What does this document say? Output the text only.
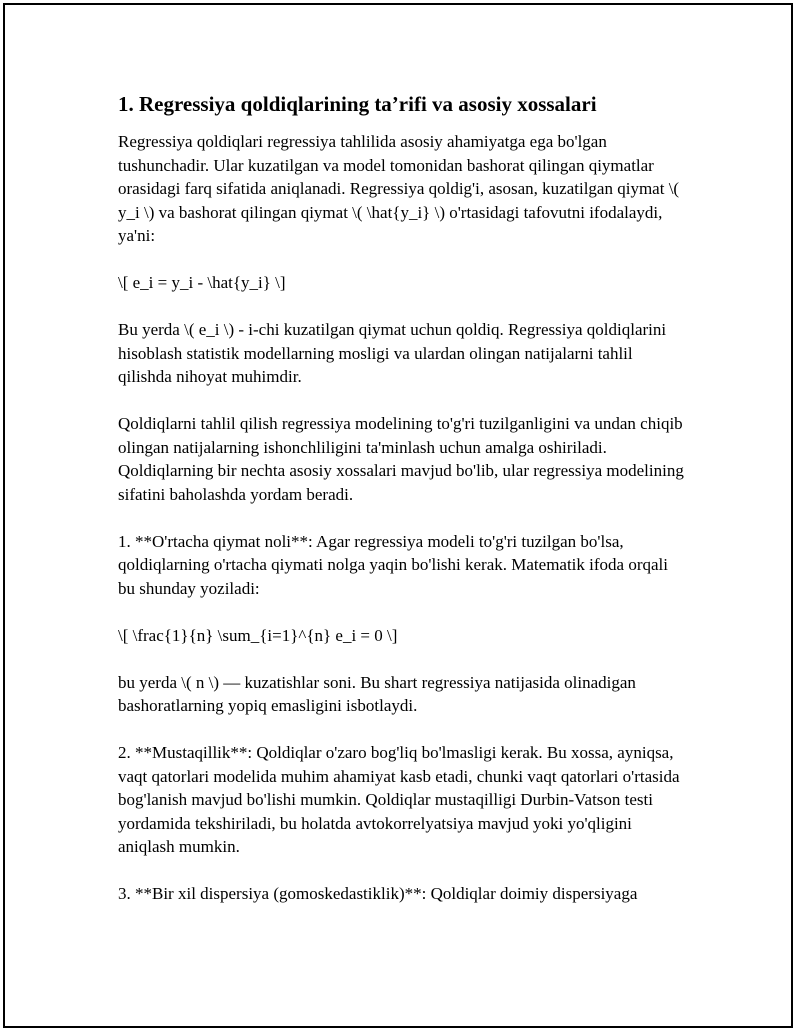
1. Regressiya qoldiqlarining ta’rifi va asosiy xossalari

Regressiya qoldiqlari regressiya tahlilida asosiy ahamiyatga ega bo'lgan tushunchadir. Ular kuzatilgan va model tomonidan bashorat qilingan qiymatlar orasidagi farq sifatida aniqlanadi. Regressiya qoldig'i, asosan, kuzatilgan qiymat \( y_i \) va bashorat qilingan qiymat \( \hat{y_i} \) o'rtasidagi tafovutni ifodalaydi, ya'ni:

\[ e_i = y_i - \hat{y_i} \]

Bu yerda \( e_i \) - i-chi kuzatilgan qiymat uchun qoldiq. Regressiya qoldiqlarini hisoblash statistik modellarning mosligi va ulardan olingan natijalarni tahlil qilishda nihoyat muhimdir.

Qoldiqlarni tahlil qilish regressiya modelining to'g'ri tuzilganligini va undan chiqib olingan natijalarning ishonchliligini ta'minlash uchun amalga oshiriladi. Qoldiqlarning bir nechta asosiy xossalari mavjud bo'lib, ular regressiya modelining sifatini baholashda yordam beradi.

1. **O'rtacha qiymat noli**: Agar regressiya modeli to'g'ri tuzilgan bo'lsa, qoldiqlarning o'rtacha qiymati nolga yaqin bo'lishi kerak. Matematik ifoda orqali bu shunday yoziladi:

\[ \frac{1}{n} \sum_{i=1}^{n} e_i = 0 \]

bu yerda \( n \) — kuzatishlar soni. Bu shart regressiya natijasida olinadigan bashoratlarning yopiq emasligini isbotlaydi.

2. **Mustaqillik**: Qoldiqlar o'zaro bog'liq bo'lmasligi kerak. Bu xossa, ayniqsa, vaqt qatorlari modelida muhim ahamiyat kasb etadi, chunki vaqt qatorlari o'rtasida bog'lanish mavjud bo'lishi mumkin. Qoldiqlar mustaqilligi Durbin-Vatson testi yordamida tekshiriladi, bu holatda avtokorrelyatsiya mavjud yoki yo'qligini aniqlash mumkin.

3. **Bir xil dispersiya (gomoskedastiklik)**: Qoldiqlar doimiy dispersiyaga
